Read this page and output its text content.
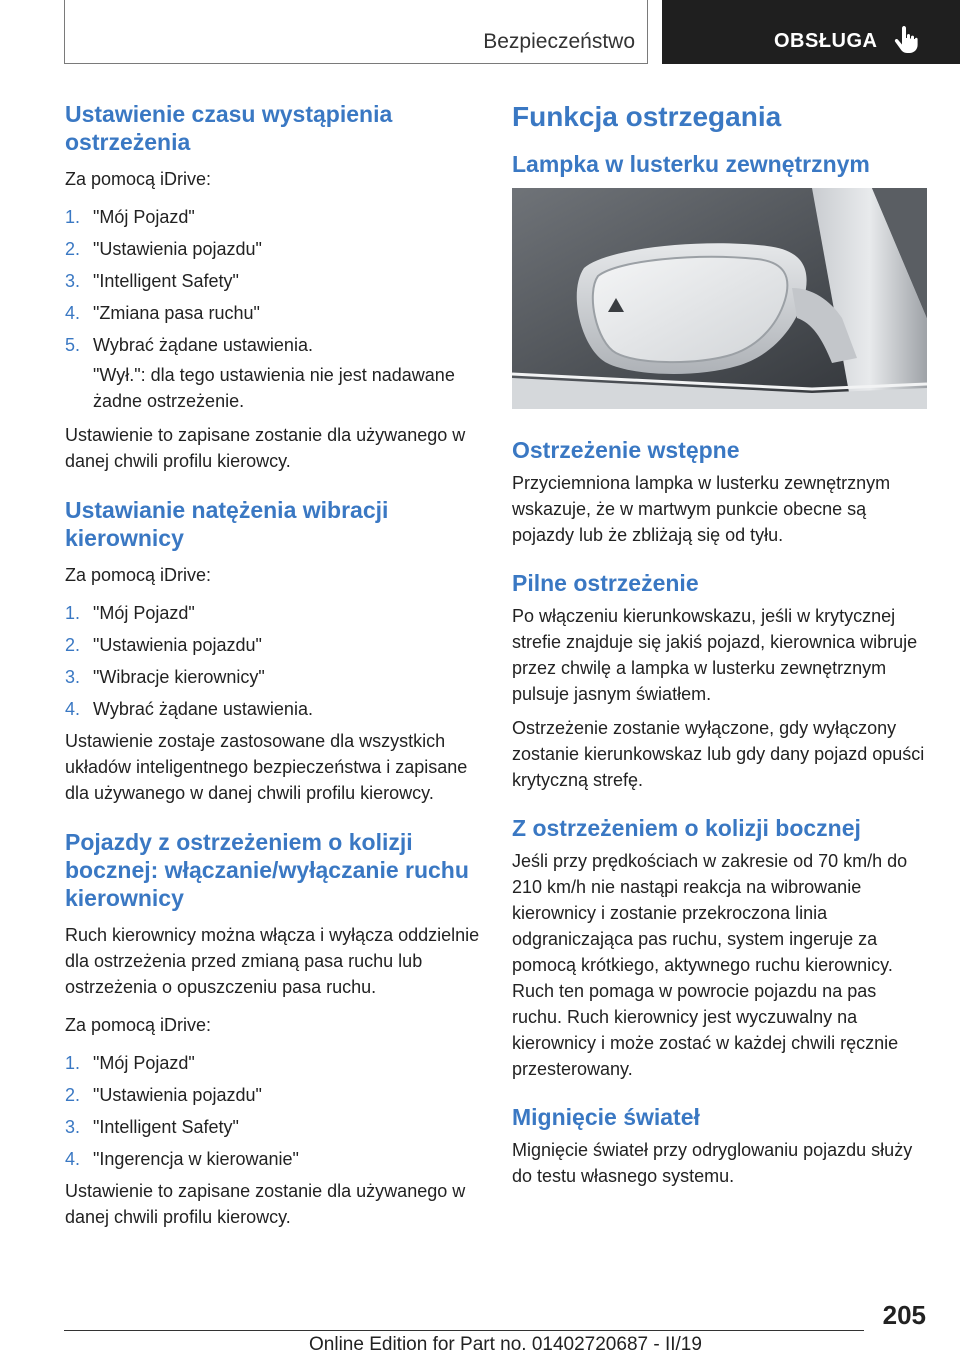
Bezpieczeństwo	OBSŁUGA
Ustawienie czasu wystąpienia ostrzeżenia

Za pomocą iDrive:

1. "Mój Pojazd"
2. "Ustawienia pojazdu"
3. "Intelligent Safety"
4. "Zmiana pasa ruchu"
5. Wybrać żądane ustawienia.

"Wył.": dla tego ustawienia nie jest nadawane żadne ostrzeżenie.

Ustawienie to zapisane zostanie dla używanego w danej chwili profilu kierowcy.

Ustawianie natężenia wibracji kierownicy

Za pomocą iDrive:

1. "Mój Pojazd"
2. "Ustawienia pojazdu"
3. "Wibracje kierownicy"
4. Wybrać żądane ustawienia.

Ustawienie zostaje zastosowane dla wszystkich układów inteligentnego bezpieczeństwa i zapisane dla używanego w danej chwili profilu kierowcy.

Pojazdy z ostrzeżeniem o kolizji bocznej: włączanie/wyłączanie ruchu kierownicy

Ruch kierownicy można włącza i wyłącza oddzielnie dla ostrzeżenia przed zmianą pasa ruchu lub ostrzeżenia o opuszczeniu pasa ruchu.

Za pomocą iDrive:

1. "Mój Pojazd"
2. "Ustawienia pojazdu"
3. "Intelligent Safety"
4. "Ingerencja w kierowanie"

Ustawienie to zapisane zostanie dla używanego w danej chwili profilu kierowcy.

Funkcja ostrzegania
Lampka w lusterku zewnętrznym
Ostrzeżenie wstępne

Przyciemniona lampka w lusterku zewnętrznym wskazuje, że w martwym punkcie obecne są pojazdy lub że zbliżają się od tyłu.

Pilne ostrzeżenie

Po włączeniu kierunkowskazu, jeśli w krytycznej strefie znajduje się jakiś pojazd, kierownica wibruje przez chwilę a lampka w lusterku zewnętrznym pulsuje jasnym światłem.

Ostrzeżenie zostanie wyłączone, gdy wyłączony zostanie kierunkowskaz lub gdy dany pojazd opuści krytyczną strefę.

Z ostrzeżeniem o kolizji bocznej

Jeśli przy prędkościach w zakresie od 70 km/h do 210 km/h nie nastąpi reakcja na wibrowanie kierownicy i zostanie przekroczona linia odgraniczająca pas ruchu, system ingeruje za pomocą krótkiego, aktywnego ruchu kierownicy. Ruch ten pomaga w powrocie pojazdu na pas ruchu. Ruch kierownicy jest wyczuwalny na kierownicy i może zostać w każdej chwili ręcznie przesterowany.

Mignięcie świateł

Mignięcie świateł przy odryglowaniu pojazdu służy do testu własnego systemu.

205
Online Edition for Part no. 01402720687 - II/19
